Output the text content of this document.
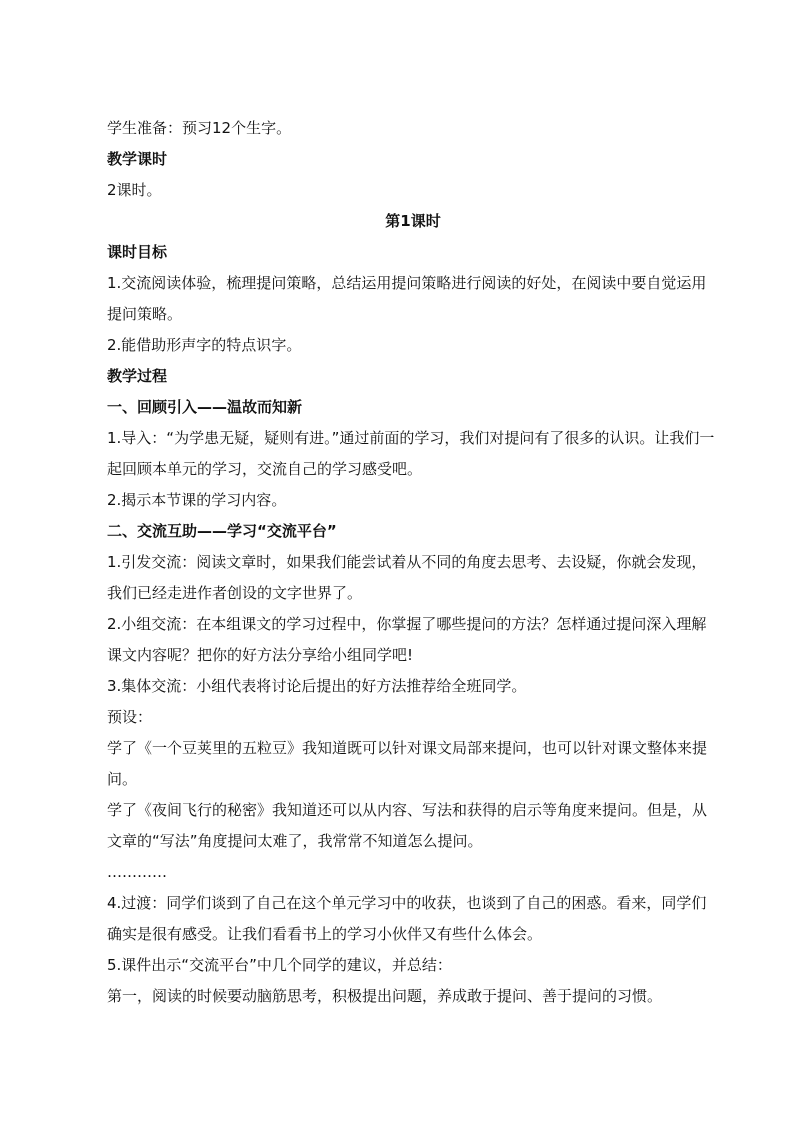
学生准备：预习12个生字。

教学课时

2课时。

第1课时

课时目标

1.交流阅读体验，梳理提问策略，总结运用提问策略进行阅读的好处，在阅读中要自觉运用提问策略。

2.能借助形声字的特点识字。

教学过程

一、回顾引入——温故而知新

1.导入：“为学患无疑，疑则有进。”通过前面的学习，我们对提问有了很多的认识。让我们一起回顾本单元的学习，交流自己的学习感受吧。

2.揭示本节课的学习内容。

二、交流互助——学习“交流平台”

1.引发交流：阅读文章时，如果我们能尝试着从不同的角度去思考、去设疑，你就会发现，我们已经走进作者创设的文字世界了。

2.小组交流：在本组课文的学习过程中，你掌握了哪些提问的方法？怎样通过提问深入理解课文内容呢？把你的好方法分享给小组同学吧!

3.集体交流：小组代表将讨论后提出的好方法推荐给全班同学。

预设：

学了《一个豆荚里的五粒豆》我知道既可以针对课文局部来提问，也可以针对课文整体来提问。

学了《夜间飞行的秘密》我知道还可以从内容、写法和获得的启示等角度来提问。但是，从文章的“写法”角度提问太难了，我常常不知道怎么提问。

…………

4.过渡：同学们谈到了自己在这个单元学习中的收获，也谈到了自己的困惑。看来，同学们确实是很有感受。让我们看看书上的学习小伙伴又有些什么体会。

5.课件出示“交流平台”中几个同学的建议，并总结：

第一，阅读的时候要动脑筋思考，积极提出问题，养成敢于提问、善于提问的习惯。
